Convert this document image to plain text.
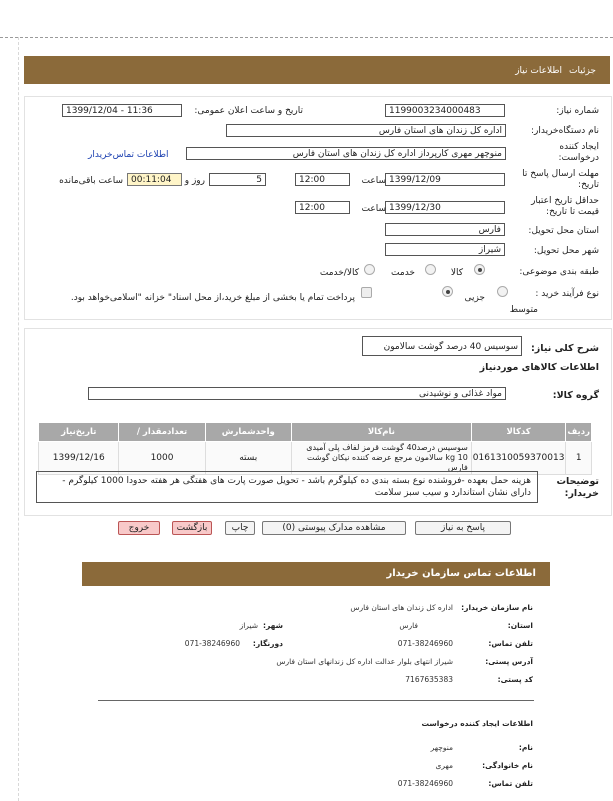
جزئیات
اطلاعات نیاز
شماره نیاز:
1199003234000483
تاریخ و ساعت اعلان عمومی:
1399/12/04 - 11:36
نام دستگاه‌خریدار:
اداره کل زندان های استان فارس
ایجاد کننده درخواست:
منوچهر مهری کارپرداز اداره کل زندان های استان فارس
اطلاعات تماس‌خریدار
مهلت ارسال پاسخ تا تاریخ:
1399/12/09
ساعت
12:00
5
روز و
00:11:04
ساعت باقی‌مانده
حداقل تاریخ اعتبار قیمت تا تاریخ:
1399/12/30
ساعت
12:00
استان محل تحویل:
فارس
شهر محل تحویل:
شیراز
طبقه بندی موضوعی:
کالا
خدمت
کالا/خدمت
نوع فرآیند خرید :
جزیی
متوسط
پرداخت تمام یا بخشی از مبلغ خرید،از محل اسناد" خزانه "اسلامی‌خواهد بود.
شرح کلی نیاز:
سوسیس 40 درصد گوشت سالامون
اطلاعات کالاهای موردنیاز
گروه کالا:
مواد غذائی و نوشیدنی
ردیف	کدکالا	نام‌کالا	واحدشمارش	تعدادمقدار /	تاریخ‌نیاز
1	0161310059370013	سوسیس درصد40 گوشت قرمز لفاف پلی آمیدی 10 kg سالامون مرجع عرضه کننده نیکان گوشت فارس	بسته	1000	1399/12/16
توضیحات خریدار:
هزینه حمل بعهده -فروشنده نوع بسته بندی ده کیلوگرم باشد - تحویل صورت پارت های هفتگی هر هفته حدودا 1000 کیلوگرم - دارای نشان استاندارد و سیب سبز سلامت
پاسخ به نیاز
مشاهده مدارک پیوستی (0)
چاپ
بازگشت
خروج
اطلاعات تماس سازمان خریدار
نام سازمان خریدار:
اداره کل زندان های استان فارس
استان:
فارس
شهر:
شیراز
تلفن تماس:
071-38246960
دورنگار:
071-38246960
آدرس پستی:
شیراز انتهای بلوار عدالت اداره کل زندانهای استان فارس
کد پستی:
7167635383
اطلاعات ایجاد کننده درخواست
نام:
منوچهر
نام خانوادگی:
مهری
تلفن تماس:
071-38246960
